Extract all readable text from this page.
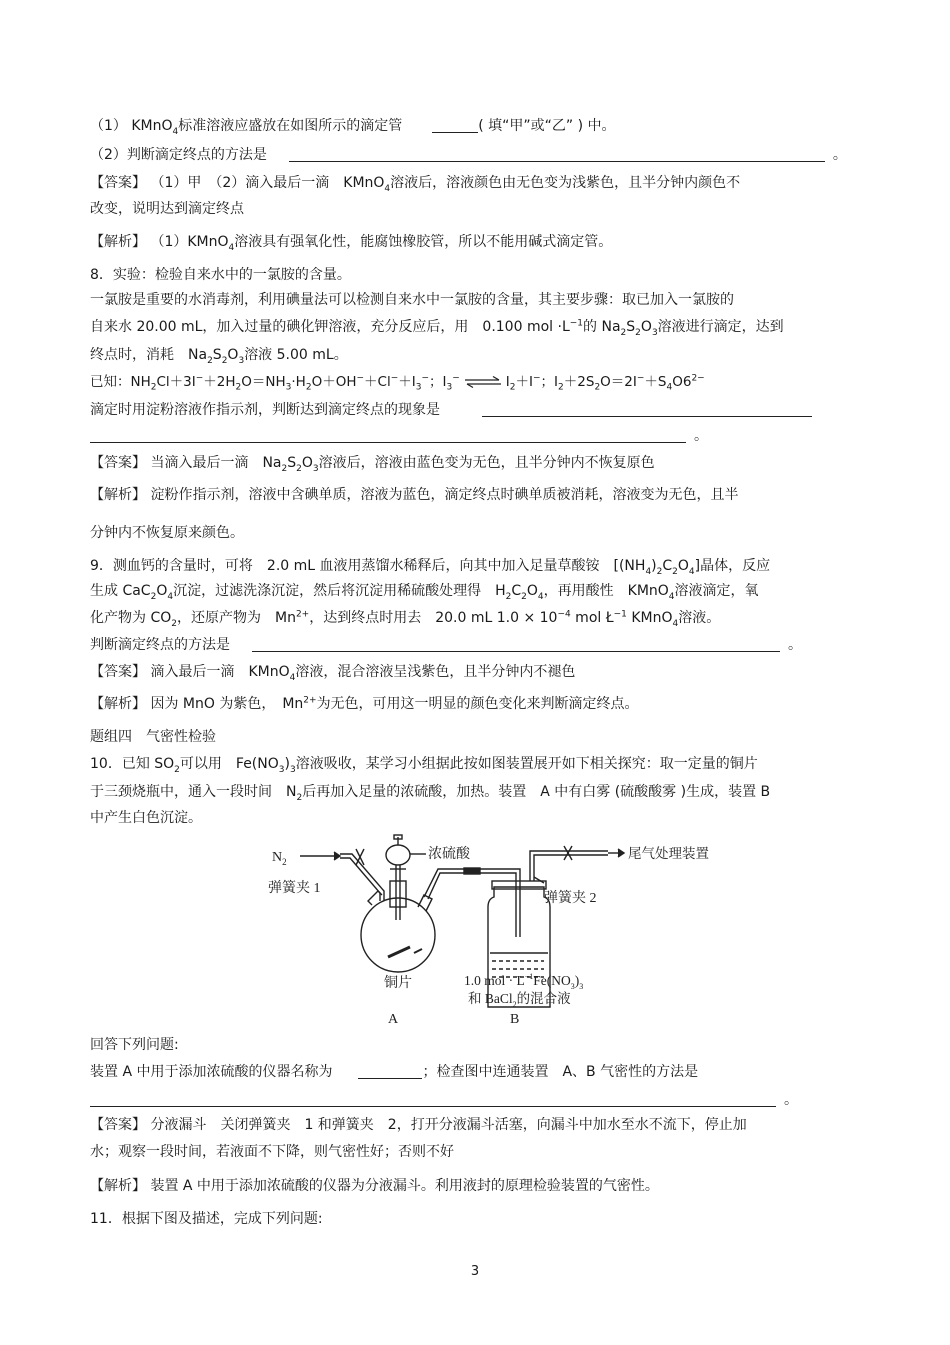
（1） KMnO$_4$标准溶液应盛放在如图所示的滴定管	( 填“甲”或“乙” ) 中。
（2）判断滴定终点的方法是	。
【答案】 （1）甲　（2）滴入最后一滴　KMnO$_4$溶液后，溶液颜色由无色变为浅紫色，且半分钟内颜色不
改变，说明达到滴定终点
【解析】 （1）KMnO$_4$溶液具有强氧化性，能腐蚀橡胶管，所以不能用碱式滴定管。
8．实验：检验自来水中的一氯胺的含量。
一氯胺是重要的水消毒剂，利用碘量法可以检测自来水中一氯胺的含量，其主要步骤：取已加入一氯胺的
自来水 20.00 mL，加入过量的碘化钾溶液，充分反应后，用　0.100 mol $\cdot L^{-1}$的 $Na_2S_2O_3$溶液进行滴定，达到
终点时，消耗　$Na_2S_2O_3$溶液 5.00 mL。
已知：$NH_2Cl+3I^-+2H_2O=NH_3\cdot H_2O+OH^-+Cl^-+I_3^-$；$I_3^-$ ⇌ $I_2+I^-$；$I_2+2S_2O=2I^-+S_4O6^{2-}$
滴定时用淀粉溶液作指示剂，判断达到滴定终点的现象是
。
【答案】 当滴入最后一滴　$Na_2S_2O_3$溶液后，溶液由蓝色变为无色，且半分钟内不恢复原色
【解析】 淀粉作指示剂，溶液中含碘单质，溶液为蓝色，滴定终点时碘单质被消耗，溶液变为无色，且半
分钟内不恢复原来颜色。
9．测血钙的含量时，可将　2.0 mL 血液用蒸馏水稀释后，向其中加入足量草酸铵　$[(NH_4)_2C_2O_4]$晶体，反应
生成 $CaC_2O_4$沉淀，过滤洗涤沉淀，然后将沉淀用稀硫酸处理得　$H_2C_2O_4$，再用酸性　KMnO$_4$溶液滴定，氧
化产物为 $CO_2$，还原产物为　$Mn^{2+}$，达到终点时用去　20.0 mL $1.0 \times 10^{-4}$ mol $Ł^{-1}$ KMnO$_4$溶液。
判断滴定终点的方法是	。
【答案】 滴入最后一滴　KMnO$_4$溶液，混合溶液呈浅紫色，且半分钟内不褪色
【解析】 因为 MnO 为紫色，　$Mn^{2+}$为无色，可用这一明显的颜色变化来判断滴定终点。
题组四　气密性检验
10．已知 $SO_2$可以用　$Fe(NO_3)_3$溶液吸收，某学习小组据此按如图装置展开如下相关探究：取一定量的铜片
于三颈烧瓶中，通入一段时间　$N_2$后再加入足量的浓硫酸，加热。装置　A 中有白雾 (硫酸酸雾 )生成，装置 B
中产生白色沉淀。
$N_2$
弹簧夹 1
浓硫酸	尾气处理装置
弹簧夹 2
铜片	1.0 mol · $L^{-1}Fe(NO_3)_3$
和 BaCl$_2$的混合液
A	B
回答下列问题:
装置 A 中用于添加浓硫酸的仪器名称为	；检查图中连通装置　A、B 气密性的方法是
。
【答案】 分液漏斗　关闭弹簧夹　1 和弹簧夹　2，打开分液漏斗活塞，向漏斗中加水至水不流下，停止加
水；观察一段时间，若液面不下降，则气密性好；否则不好
【解析】 装置 A 中用于添加浓硫酸的仪器为分液漏斗。利用液封的原理检验装置的气密性。
11．根据下图及描述，完成下列问题:
3
